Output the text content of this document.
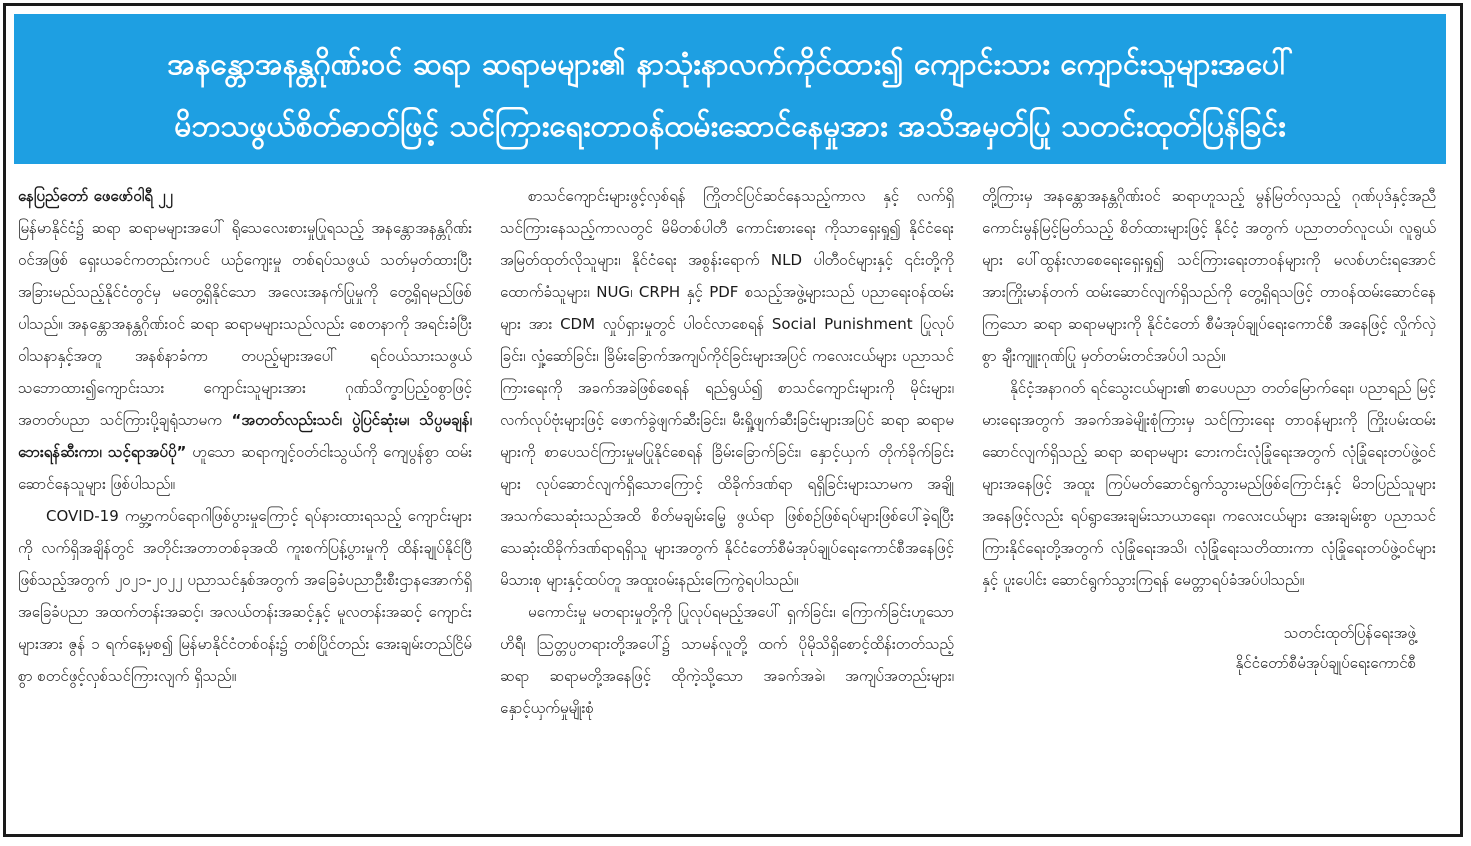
အနန္တောအနန္တဂိုဏ်းဝင် ဆရာ ဆရာမများ၏ နာသုံးနာလက်ကိုင်ထား၍ ကျောင်းသား ကျောင်းသူများအပေါ်
မိဘသဖွယ်စိတ်ဓာတ်ဖြင့် သင်ကြားရေးတာဝန်ထမ်းဆောင်နေမှုအား အသိအမှတ်ပြု သတင်းထုတ်ပြန်ခြင်း

နေပြည်တော် ဖေဖော်ဝါရီ ၂၂

မြန်မာနိုင်ငံ၌ ဆရာ ဆရာမများအပေါ် ရိုသေလေးစားမှုပြုရသည့် အနန္တောအနန္တဂိုဏ်းဝင်အဖြစ် ရှေးယခင်ကတည်းကပင် ယဉ်ကျေးမှု တစ်ရပ်သဖွယ် သတ်မှတ်ထားပြီး အခြားမည်သည့်နိုင်ငံတွင်မှ မတွေ့ရှိနိုင်သော အလေးအနက်ပြုမှုကို တွေ့ရှိရမည်ဖြစ်ပါသည်။ အနန္တောအနန္တဂိုဏ်းဝင် ဆရာ ဆရာမများသည်လည်း စေတနာကို အရင်းခံပြီး ဝါသနာနှင့်အတူ အနစ်နာခံကာ တပည့်များအပေါ် ရင်ဝယ်သားသဖွယ် သဘောထား၍ကျောင်းသား ကျောင်းသူများအား ဂုဏ်သိက္ခာပြည့်ဝစွာဖြင့် အတတ်ပညာ သင်ကြားပို့ချရုံသာမက “အတတ်လည်းသင်၊ ပွဲပြင်ဆုံးမ၊ သိပ္ပမချန်၊ ဘေးရန်ဆီးကာ၊ သင့်ရာအပ်ပို” ဟူသော ဆရာကျင့်ဝတ်ငါးသွယ်ကို ကျေပွန်စွာ ထမ်းဆောင်နေသူများ ဖြစ်ပါသည်။

COVID-19 ကမ္ဘာ့ကပ်ရောဂါဖြစ်ပွားမှုကြောင့် ရပ်နားထားရသည့် ကျောင်းများကို လက်ရှိအချိန်တွင် အတိုင်းအတာတစ်ခုအထိ ကူးစက်ပြန့်ပွားမှုကို ထိန်းချုပ်နိုင်ပြီဖြစ်သည့်အတွက် ၂၀၂၁-၂၀၂၂ ပညာသင်နှစ်အတွက် အခြေခံပညာဦးစီးဌာနအောက်ရှိ အခြေခံပညာ အထက်တန်းအဆင့်၊ အလယ်တန်းအဆင့်နှင့် မူလတန်းအဆင့် ကျောင်းများအား ဇွန် ၁ ရက်နေ့မှစ၍ မြန်မာနိုင်ငံတစ်ဝန်း၌ တစ်ပြိုင်တည်း အေးချမ်းတည်ငြိမ်စွာ စတင်ဖွင့်လှစ်သင်ကြားလျက် ရှိသည်။

စာသင်ကျောင်းများဖွင့်လှစ်ရန် ကြိုတင်ပြင်ဆင်နေသည့်ကာလ နှင့် လက်ရှိသင်ကြားနေသည့်ကာလတွင် မိမိတစ်ပါတီ ကောင်းစားရေး ကိုသာရှေးရှု၍ နိုင်ငံရေးအမြတ်ထုတ်လိုသူများ၊ နိုင်ငံရေး အစွန်းရောက် NLD ပါတီဝင်များနှင့် ၎င်းတို့ကို ထောက်ခံသူများ၊ NUG၊ CRPH နှင့် PDF စသည့်အဖွဲ့များသည် ပညာရေးဝန်ထမ်းများ အား CDM လှုပ်ရှားမှုတွင် ပါဝင်လာစေရန် Social Punishment ပြုလုပ်ခြင်း၊ လှုံ့ဆော်ခြင်း၊ ခြိမ်းခြောက်အကျပ်ကိုင်ခြင်းများအပြင် ကလေးငယ်များ ပညာသင်ကြားရေးကို အခက်အခဲဖြစ်စေရန် ရည်ရွယ်၍ စာသင်ကျောင်းများကို မိုင်းများ၊ လက်လုပ်ဗုံးများဖြင့် ဖောက်ခွဲဖျက်ဆီးခြင်း၊ မီးရှို့ဖျက်ဆီးခြင်းများအပြင် ဆရာ ဆရာမ များကို စာပေသင်ကြားမှုမပြုနိုင်စေရန် ခြိမ်းခြောက်ခြင်း၊ နှောင့်ယှက် တိုက်ခိုက်ခြင်းများ လုပ်ဆောင်လျက်ရှိသောကြောင့် ထိခိုက်ဒဏ်ရာ ရရှိခြင်းများသာမက အချို့အသက်သေဆုံးသည်အထိ စိတ်မချမ်းမြေ့ ဖွယ်ရာ ဖြစ်စဉ်ဖြစ်ရပ်များဖြစ်ပေါ်ခဲ့ရပြီး သေဆုံးထိခိုက်ဒဏ်ရာရရှိသူ များအတွက် နိုင်ငံတော်စီမံအုပ်ချုပ်ရေးကောင်စီအနေဖြင့် မိသားစု များနှင့်ထပ်တူ အထူးဝမ်းနည်းကြေကွဲရပါသည်။

မကောင်းမှု မတရားမှုတို့ကို ပြုလုပ်ရမည့်အပေါ် ရှက်ခြင်း၊ ကြောက်ခြင်းဟူသော ဟိရီ၊ ဩတ္တပ္ပတရားတို့အပေါ်၌ သာမန်လူတို့ ထက် ပိုမိုသိရှိစောင့်ထိန်းတတ်သည့် ဆရာ ဆရာမတို့အနေဖြင့် ထိုကဲ့သို့သော အခက်အခဲ၊ အကျပ်အတည်းများ၊ နှောင့်ယှက်မှုမျိုးစုံ

တို့ကြားမှ အနန္တောအနန္တဂိုဏ်းဝင် ဆရာဟူသည့် မွန်မြတ်လှသည့် ဂုဏ်ပုဒ်နှင့်အညီ ကောင်းမွန်မြင့်မြတ်သည့် စိတ်ထားများဖြင့် နိုင်ငံ့ အတွက် ပညာတတ်လူငယ်၊ လူရွယ်များ ပေါ်ထွန်းလာစေရေးရှေးရှု၍ သင်ကြားရေးတာဝန်များကို မလစ်ဟင်းရအောင် အားကြိုးမာန်တက် ထမ်းဆောင်လျက်ရှိသည်ကို တွေ့ရှိရသဖြင့် တာဝန်ထမ်းဆောင်နေ ကြသော ဆရာ ဆရာမများကို နိုင်ငံတော် စီမံအုပ်ချုပ်ရေးကောင်စီ အနေဖြင့် လှိုက်လှဲစွာ ချီးကျူးဂုဏ်ပြု မှတ်တမ်းတင်အပ်ပါ သည်။

နိုင်ငံ့အနာဂတ် ရင်သွေးငယ်များ၏ စာပေပညာ တတ်မြောက်ရေး၊ ပညာရည် မြင့်မားရေးအတွက် အခက်အခဲမျိုးစုံကြားမှ သင်ကြားရေး တာဝန်များကို ကြိုးပမ်းထမ်းဆောင်လျက်ရှိသည့် ဆရာ ဆရာမများ ဘေးကင်းလုံခြုံရေးအတွက် လုံခြုံရေးတပ်ဖွဲ့ဝင်များအနေဖြင့် အထူး ကြပ်မတ်ဆောင်ရွက်သွားမည်ဖြစ်ကြောင်းနှင့် မိဘပြည်သူများ အနေဖြင့်လည်း ရပ်ရွာအေးချမ်းသာယာရေး၊ ကလေးငယ်များ အေးချမ်းစွာ ပညာသင်ကြားနိုင်ရေးတို့အတွက် လုံခြုံရေးအသိ၊ လုံခြုံရေးသတိထားကာ လုံခြုံရေးတပ်ဖွဲ့ဝင်များနှင့် ပူးပေါင်း ဆောင်ရွက်သွားကြရန် မေတ္တာရပ်ခံအပ်ပါသည်။

သတင်းထုတ်ပြန်ရေးအဖွဲ့
နိုင်ငံတော်စီမံအုပ်ချုပ်ရေးကောင်စီ
